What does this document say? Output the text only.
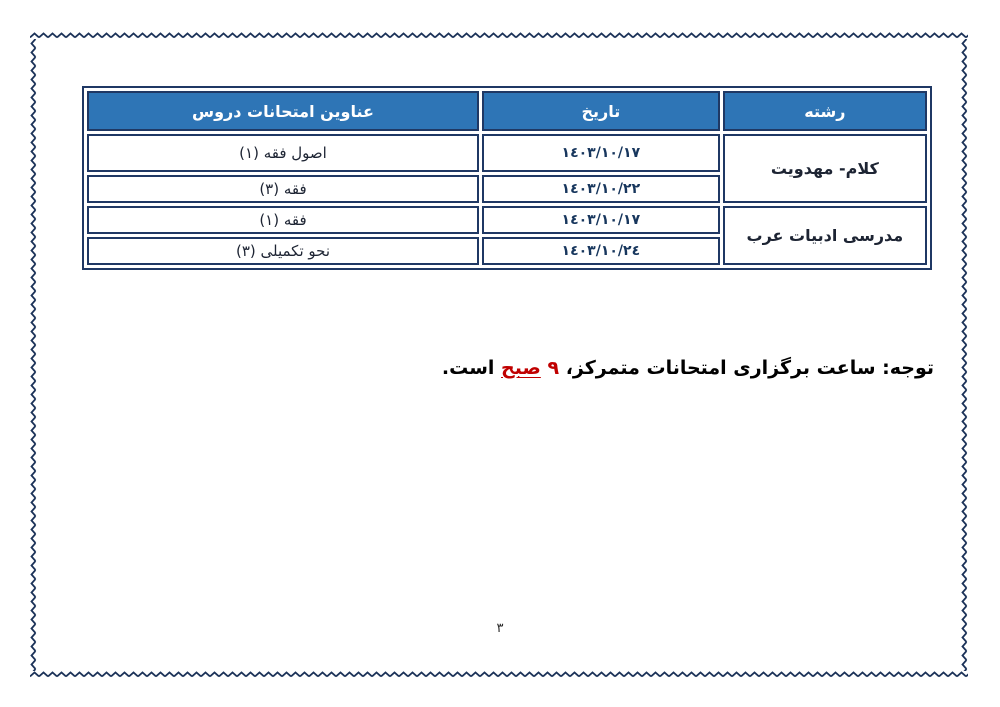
رشته	تاریخ	عناوین امتحانات دروس
کلام- مهدویت	١٤٠٣/١٠/١٧	اصول فقه (١)
	١٤٠٣/١٠/٢٢	فقه (٣)
مدرسی ادبیات عرب	١٤٠٣/١٠/١٧	فقه (١)
	١٤٠٣/١٠/٢٤	نحو تکمیلی (٣)
توجه: ساعت برگزاری امتحانات متمرکز، ٩ صبح است.
٣
